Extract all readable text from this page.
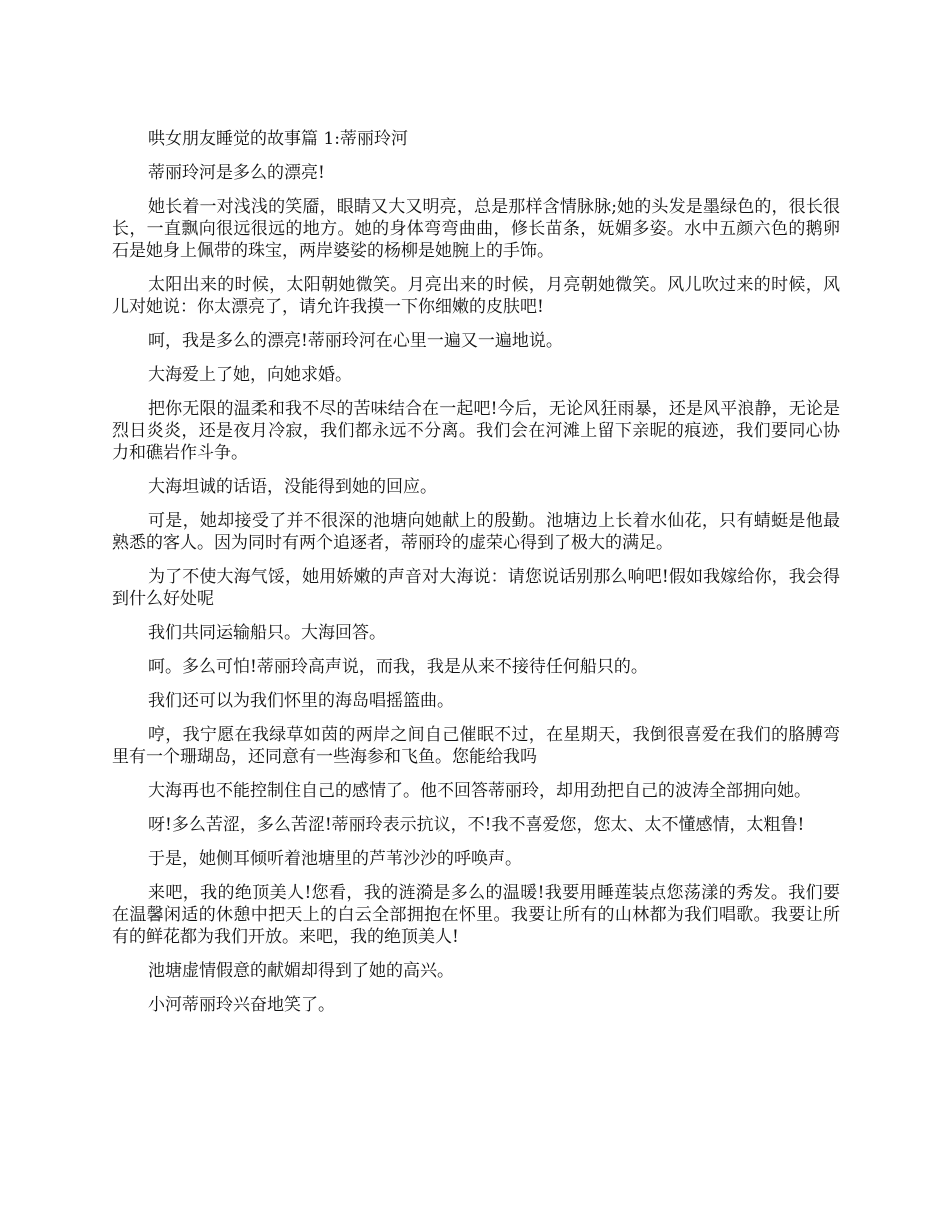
哄女朋友睡觉的故事篇 1:蒂丽玲河

蒂丽玲河是多么的漂亮!

她长着一对浅浅的笑靥，眼睛又大又明亮，总是那样含情脉脉;她的头发是墨绿色的，很长很长，一直飘向很远很远的地方。她的身体弯弯曲曲，修长苗条，妩媚多姿。水中五颜六色的鹅卵石是她身上佩带的珠宝，两岸婆娑的杨柳是她腕上的手饰。

太阳出来的时候，太阳朝她微笑。月亮出来的时候，月亮朝她微笑。风儿吹过来的时候，风儿对她说：你太漂亮了，请允许我摸一下你细嫩的皮肤吧!

呵，我是多么的漂亮!蒂丽玲河在心里一遍又一遍地说。

大海爱上了她，向她求婚。

把你无限的温柔和我不尽的苦味结合在一起吧!今后，无论风狂雨暴，还是风平浪静，无论是烈日炎炎，还是夜月冷寂，我们都永远不分离。我们会在河滩上留下亲昵的痕迹，我们要同心协力和礁岩作斗争。

大海坦诚的话语，没能得到她的回应。

可是，她却接受了并不很深的池塘向她献上的殷勤。池塘边上长着水仙花，只有蜻蜓是他最熟悉的客人。因为同时有两个追逐者，蒂丽玲的虚荣心得到了极大的满足。

为了不使大海气馁，她用娇嫩的声音对大海说：请您说话别那么响吧!假如我嫁给你，我会得到什么好处呢

我们共同运输船只。大海回答。

呵。多么可怕!蒂丽玲高声说，而我，我是从来不接待任何船只的。

我们还可以为我们怀里的海岛唱摇篮曲。

哼，我宁愿在我绿草如茵的两岸之间自己催眠不过，在星期天，我倒很喜爱在我们的胳膊弯里有一个珊瑚岛，还同意有一些海参和飞鱼。您能给我吗

大海再也不能控制住自己的感情了。他不回答蒂丽玲，却用劲把自己的波涛全部拥向她。

呀!多么苦涩，多么苦涩!蒂丽玲表示抗议，不!我不喜爱您，您太、太不懂感情，太粗鲁!

于是，她侧耳倾听着池塘里的芦苇沙沙的呼唤声。

来吧，我的绝顶美人!您看，我的涟漪是多么的温暖!我要用睡莲装点您荡漾的秀发。我们要在温馨闲适的休憩中把天上的白云全部拥抱在怀里。我要让所有的山林都为我们唱歌。我要让所有的鲜花都为我们开放。来吧，我的绝顶美人!

池塘虚情假意的献媚却得到了她的高兴。

小河蒂丽玲兴奋地笑了。
